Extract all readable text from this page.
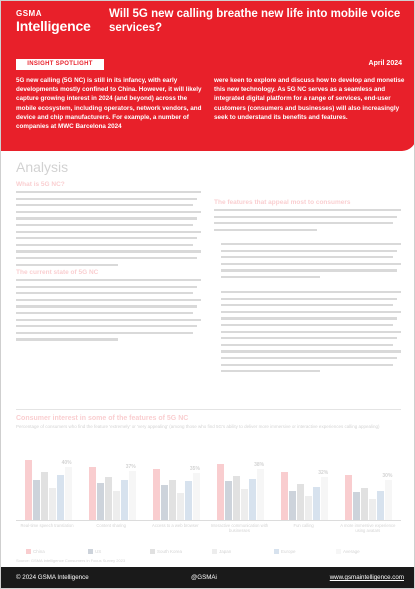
GSMA
Intelligence
Will 5G new calling breathe new life into mobile voice services?
INSIGHT SPOTLIGHT	April 2024
5G new calling (5G NC) is still in its infancy, with early developments mostly confined to China. However, it will likely capture growing interest in 2024 (and beyond) across the mobile ecosystem, including operators, network vendors, and device and chip manufacturers. For example, a number of companies at MWC Barcelona 2024
were keen to explore and discuss how to develop and monetise this new technology. As 5G NC serves as a seamless and integrated digital platform for a range of services, end-user customers (consumers and businesses) will also increasingly seek to understand its benefits and features.
Analysis
What is 5G NC?
The current state of 5G NC
The features that appeal most to consumers
Consumer interest in some of the features of 5G NC
Percentage of consumers who find the feature 'extremely' or 'very appealing' (among those who find 5G's ability to deliver more immersive or interactive experiences calling appealing)
40%
Real-time speech translation
37%
Content sharing
35%
Access to a web browser
38%
Interactive communication with businesses
32%
Fun calling
30%
A more immersive experience using avatars
China	US	South Korea	Japan	Europe	Average
Source: GSMA Intelligence Consumers in Focus Survey 2023
© 2024 GSMA Intelligence	@GSMAi	www.gsmaintelligence.com
